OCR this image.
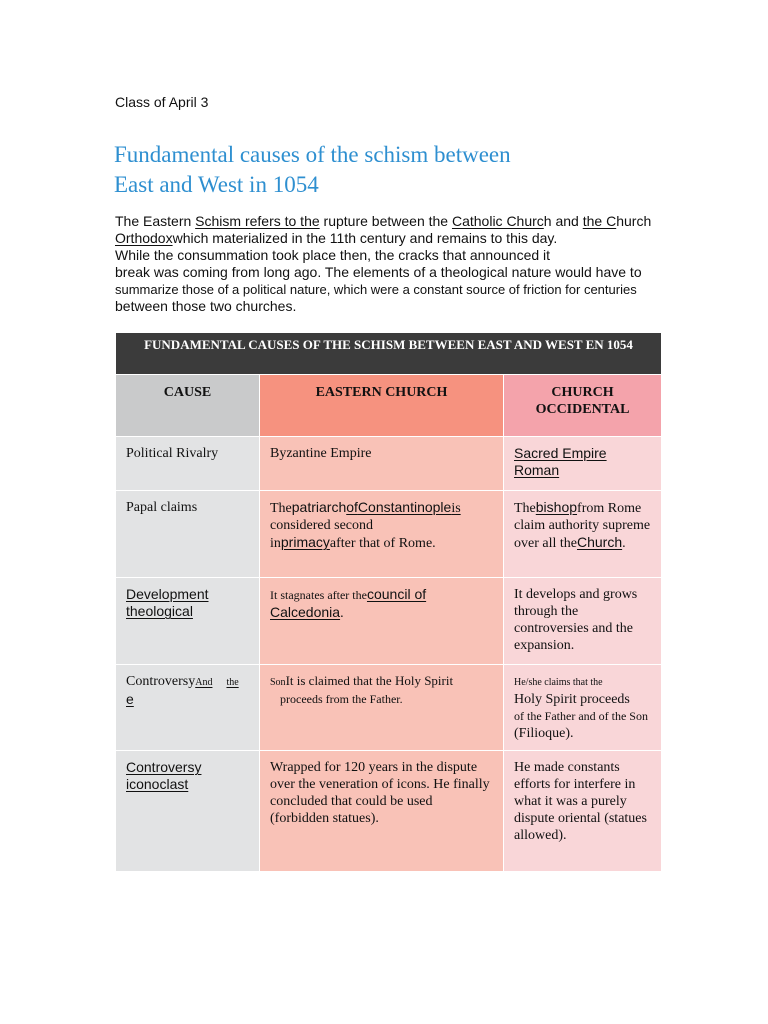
Class of April 3
Fundamental causes of the schism between
East and West in 1054
The Eastern Schism refers to the rupture between the Catholic Church and the Church
Orthodoxwhich materialized in the 11th century and remains to this day.
While the consummation took place then, the cracks that announced it
break was coming from long ago. The elements of a theological nature would have to
summarize those of a political nature, which were a constant source of friction for centuries
between those two churches.
FUNDAMENTAL CAUSES OF THE SCHISM BETWEEN EAST AND WEST EN 1054		
CAUSE	EASTERN CHURCH	CHURCH OCCIDENTAL
Political Rivalry	Byzantine Empire	Sacred Empire
Roman
Papal claims	ThepatriarchofConstantinopleis
considered second
inprimacyafter that of Rome.	Thebishopfrom Rome claim authority supreme over all theChurch.
Development
theological	It stagnates after thecouncil of
Calcedonia.	It develops and grows through the controversies and the expansion.
ControversyAnd the
e	SonIt is claimed that the Holy Spirit
proceeds from the Father.	He/she claims that the
Holy Spirit proceeds
of the Father and of the Son
(Filioque).
Controversy
iconoclast	Wrapped for 120 years in the dispute over the veneration of icons. He finally concluded that could be used (forbidden statues).	He made constants efforts for interfere in what it was a purely dispute oriental (statues allowed).
